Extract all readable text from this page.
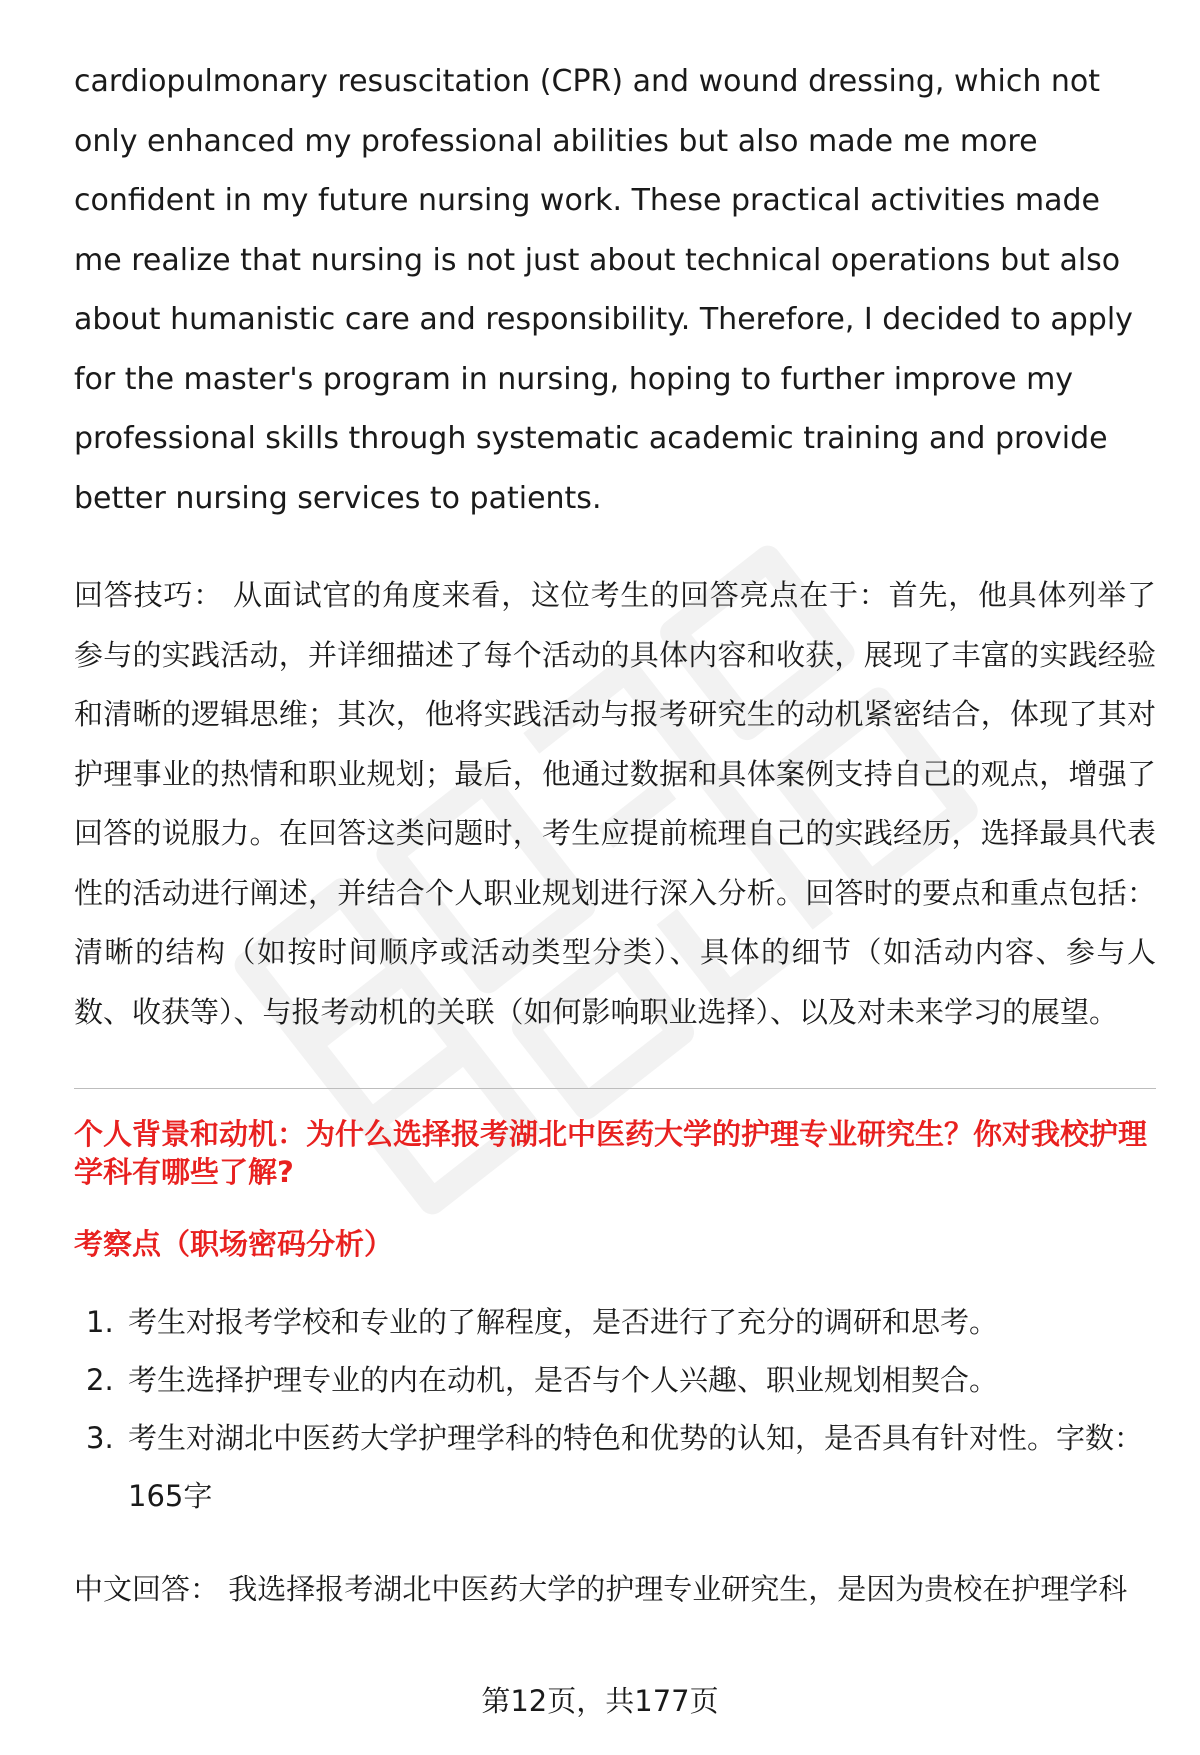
cardiopulmonary resuscitation (CPR) and wound dressing, which not only enhanced my professional abilities but also made me more confident in my future nursing work. These practical activities made me realize that nursing is not just about technical operations but also about humanistic care and responsibility. Therefore, I decided to apply for the master's program in nursing, hoping to further improve my professional skills through systematic academic training and provide better nursing services to patients.

回答技巧： 从面试官的角度来看，这位考生的回答亮点在于：首先，他具体列举了参与的实践活动，并详细描述了每个活动的具体内容和收获，展现了丰富的实践经验和清晰的逻辑思维；其次，他将实践活动与报考研究生的动机紧密结合，体现了其对护理事业的热情和职业规划；最后，他通过数据和具体案例支持自己的观点，增强了回答的说服力。在回答这类问题时，考生应提前梳理自己的实践经历，选择最具代表性的活动进行阐述，并结合个人职业规划进行深入分析。回答时的要点和重点包括：清晰的结构（如按时间顺序或活动类型分类）、具体的细节（如活动内容、参与人数、收获等）、与报考动机的关联（如何影响职业选择）、以及对未来学习的展望。

个人背景和动机：为什么选择报考湖北中医药大学的护理专业研究生？你对我校护理学科有哪些了解?
考察点（职场密码分析）
1. 考生对报考学校和专业的了解程度，是否进行了充分的调研和思考。
2. 考生选择护理专业的内在动机，是否与个人兴趣、职业规划相契合。
3. 考生对湖北中医药大学护理学科的特色和优势的认知，是否具有针对性。字数：165字

中文回答： 我选择报考湖北中医药大学的护理专业研究生，是因为贵校在护理学科

第12页，共177页
